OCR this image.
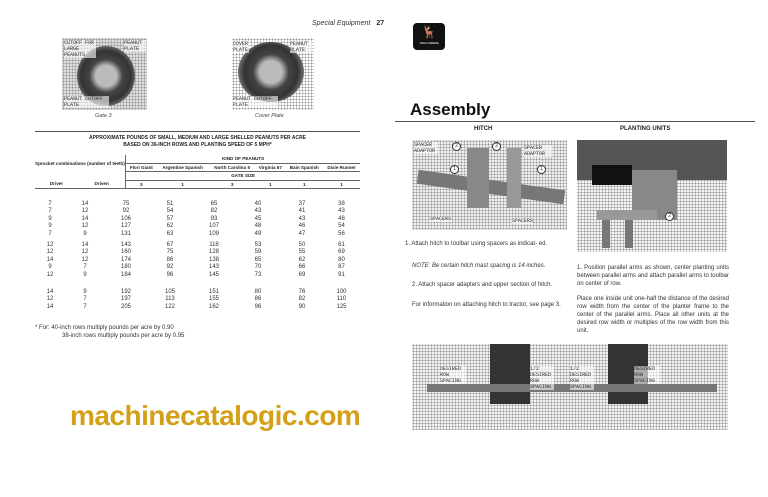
Special Equipment 27
CUTOFF FOR LARGE PEANUTS
PEANUT PLATE
PEANUT CUTOFF PLATE
Gate 3
COVER PLATE
PEANUT PLATE
PEANUT CUTOFF PLATE
Cover Plate
APPROXIMATE POUNDS OF SMALL, MEDIUM AND LARGE SHELLED PEANUTS PER ACRE
BASED ON 36-INCH ROWS AND PLANTING SPEED OF 5 MPH*
Sprocket combinations (number of teeth)		KIND OF PEANUTS					
		Flori Giant	Argentine Spanish	North Carolina 5	Virginia 67	Bain Spanish	Dixie Runner
		GATE SIZE					
Driver	Driven	3	1	3	1	1	1
7	14	75	51	65	40	37	38
7	12	92	54	82	43	41	43
9	14	106	57	93	45	43	48
9	12	127	62	107	48	46	54
7	9	131	63	109	49	47	56
12	14	143	67	118	53	50	61
12	12	160	75	128	59	55	69
14	12	174	86	138	65	62	80
9	7	180	92	143	70	66	87
12	9	184	96	145	73	69	91
14	9	192	105	151	80	76	100
12	7	197	113	155	86	82	110
14	7	205	122	162	96	90	125
* For: 40-inch rows multiply pounds per acre by 0.90
38-inch rows multiply pounds per acre by 0.95
🦌
JOHN DEERE
Assembly
HITCH	PLANTING UNITS
SPACER ADAPTOR	SPACER ADAPTOR
SPACERS	SPACERS
2	2
1	1
2
1. Attach hitch to toolbar using spacers as indicat- ed.
NOTE: Be certain hitch mast spacing is 14 inches.
2. Attach spacer adapters and upper section of hitch.
For information on attaching hitch to tractor, see page 3.
1. Position parallel arms as shown, center planting units between parallel arms and attach parallel arms to toolbar on center of row.
Place one inside unit one-half the distance of the desired row width from the center of the planter frame to the center of the parallel arms. Place all other units at the desired row width or multiples of the row width from this unit.
DESIRED ROW SPACING
1/2 DESIRED ROW SPACING
1/2 DESIRED ROW SPACING
DESIRED ROW SPACING
machinecatalogic.com
